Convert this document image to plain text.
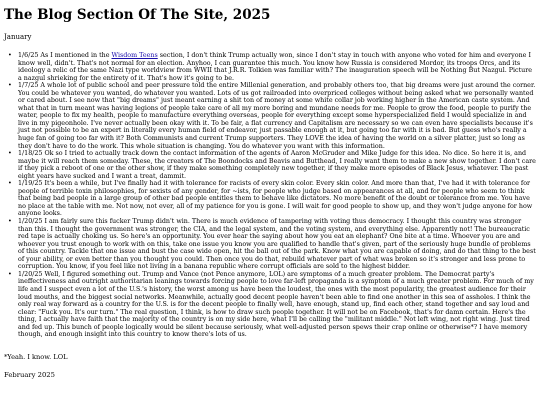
The Blog Section Of The Site, 2025
January
• 1/6/25 As I mentioned in the Wisdom Teens section, I don't think Trump actually won, since I don't stay in touch with anyone who voted for him and everyone I know well, didn't. That's not normal for an election. Anyhoo, I can guarantee this much. You know how Russia is considered Mordor, its troops Orcs, and its ideology a relic of the same Nazi type worldview from WWII that J.R.R. Tolkien was familiar with? The inauguration speech will be Nothing But Nazgul. Picture a nazgul shrieking for the entirety of it. That's how it's going to be.
• 1/7/25 A whole lot of public school and peer pressure told the entire Millenial generation, and probably others too, that big dreams were just around the corner. You could be whatever you wanted, do whatever you wanted. Lots of us got railroaded into overpriced colleges without being asked what we personally wanted or cared about. I see now that "big dreams" just meant earning a shit ton of money at some white collar job working higher in the American caste system. And what that in turn meant was having legions of people take care of all my more boring and mundane needs for me. People to grow the food, people to purify the water, people to fix my health, people to manufacture everything overseas, people for everything except some hyperspecialized field I would specialize in and live in my pigeonhole. I've never actually been okay with it. To be fair, a flat currency and Capitalism are necessary so we can even have specialists because it's just not possible to be an expert in literally every human field of endeavor, just passable enough at it, but going too far with it is bad. But guess who's really a huge fan of going too far with it? Both Communists and current Trump supporters. They LOVE the idea of having the world on a silver platter, just so long as they don't have to do the work. This whole situation is changing. You do whatever you want with this information.
• 1/18/25 Ok so I tried to actually track down the contact information of the agents of Aaron McGruder and Mike Judge for this idea. No dice. So here it is, and maybe it will reach them someday. These, the creators of The Boondocks and Beavis and Butthead, I really want them to make a new show together. I don't care if they pick a reboot of one or the other show, if they make something completely new together, if they make more episodes of Black Jesus, whatever. The past eight years have sucked and I want a treat, dammit.
• 1/19/25 It's been a while, but I've finally had it with tolerance for racists of every skin color. Every skin color. And more than that, I've had it with tolerance for people of terrible toxin philosophies, for sexists of any gender, for ~ists, for people who judge based on appearances at all, and for people who seem to think that being bad people in a large group of other bad people entitles them to behave like dictators. No more benefit of the doubt or tolerance from me. You have no place at the table with me. Not now, not ever, all of my patience for you is gone. I will wait for good people to show up, and they won't judge anyone for how anyone looks.
• 1/20/25 I am fairly sure this fucker Trump didn't win. There is much evidence of tampering with voting thus democracy. I thought this country was stronger than this. I thought the government was stronger, the CIA, and the legal system, and the voting system, and everything else. Apparently not! The bureaucratic red tape is actually choking us. So here's an opportunity. You ever hear the saying about how you eat an elephant? One bite at a time. Whoever you are and whoever you trust enough to work with on this, take one issue you know you are qualified to handle that's given, part of the seriously huge bundle of problems of this country. Tackle that one issue and bust the case wide open, hit the ball out of the park. Know what you are capable of doing, and do that thing to the best of your ability, or even better than you thought you could. Then once you do that, rebuild whatever part of what was broken so it's stronger and less prone to corruption. You know, if you feel like not living in a banana republic where corrupt officials are sold to the highest bidder.
• 1/20/25 Well, I figured something out. Trump and Vance (not Pence anymore, LOL) are symptoms of a much greater problem. The Democrat party's ineffectiveness and outright authoritarian leanings towards forcing people to love far-left propaganda is a symptom of a much greater problem. For much of my life and I suspect even a lot of the U.S.'s history, the worst among us have been the loudest, the ones with the most popularity, the greatest audience for their loud mouths, and the biggest social networks. Meanwhile, actually good decent people haven't been able to find one another in this sea of assholes. I think the only real way forward as a country for the U.S. is for the decent people to finally well, have enough, stand up, find each other, stand together and say loud and clear: "Fuck you. It's our turn." The real question, I think, is how to draw such people together. It will not be on Facebook, that's for damn certain. Here's the thing, I actually have faith that the majority of the country is on my side here, what I'll be calling the "militant middle." Not left wing, not right wing. Just tired and fed up. This bunch of people logically would be silent because seriously, what well-adjusted person spews their crap online or otherwise*? I have memory though, and enough insight into this country to know there's lots of us.
*Yeah. I know. LOL
February 2025
